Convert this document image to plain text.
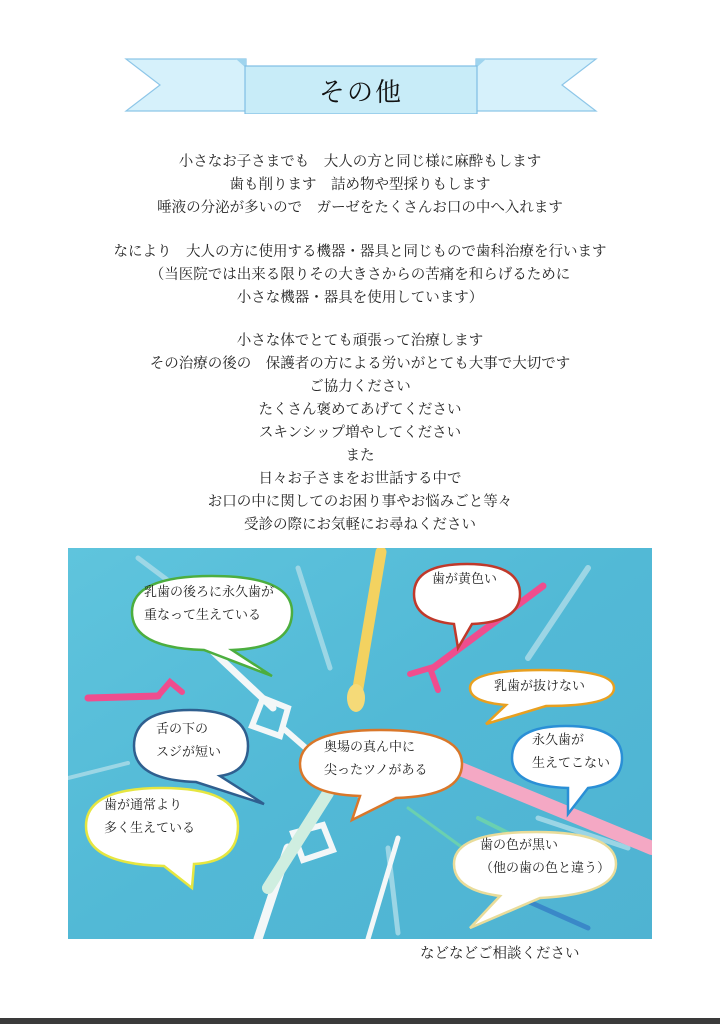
その他
小さなお子さまでも　大人の方と同じ様に麻酔もします
歯も削ります　詰め物や型採りもします
唾液の分泌が多いので　ガーゼをたくさんお口の中へ入れます
なにより　大人の方に使用する機器・器具と同じもので歯科治療を行います
（当医院では出来る限りその大きさからの苦痛を和らげるために
小さな機器・器具を使用しています）
小さな体でとても頑張って治療します
その治療の後の　保護者の方による労いがとても大事で大切です
ご協力ください
たくさん褒めてあげてください
スキンシップ増やしてください
また
日々お子さまをお世話する中で
お口の中に関してのお困り事やお悩みごと等々
受診の際にお気軽にお尋ねください
乳歯の後ろに永久歯が
重なって生えている
歯が黄色い
乳歯が抜けない
舌の下の
スジが短い	奥場の真ん中に
尖ったツノがある
永久歯が
生えてこない
歯が通常より
多く生えている
歯の色が黒い
（他の歯の色と違う）
などなどご相談ください
